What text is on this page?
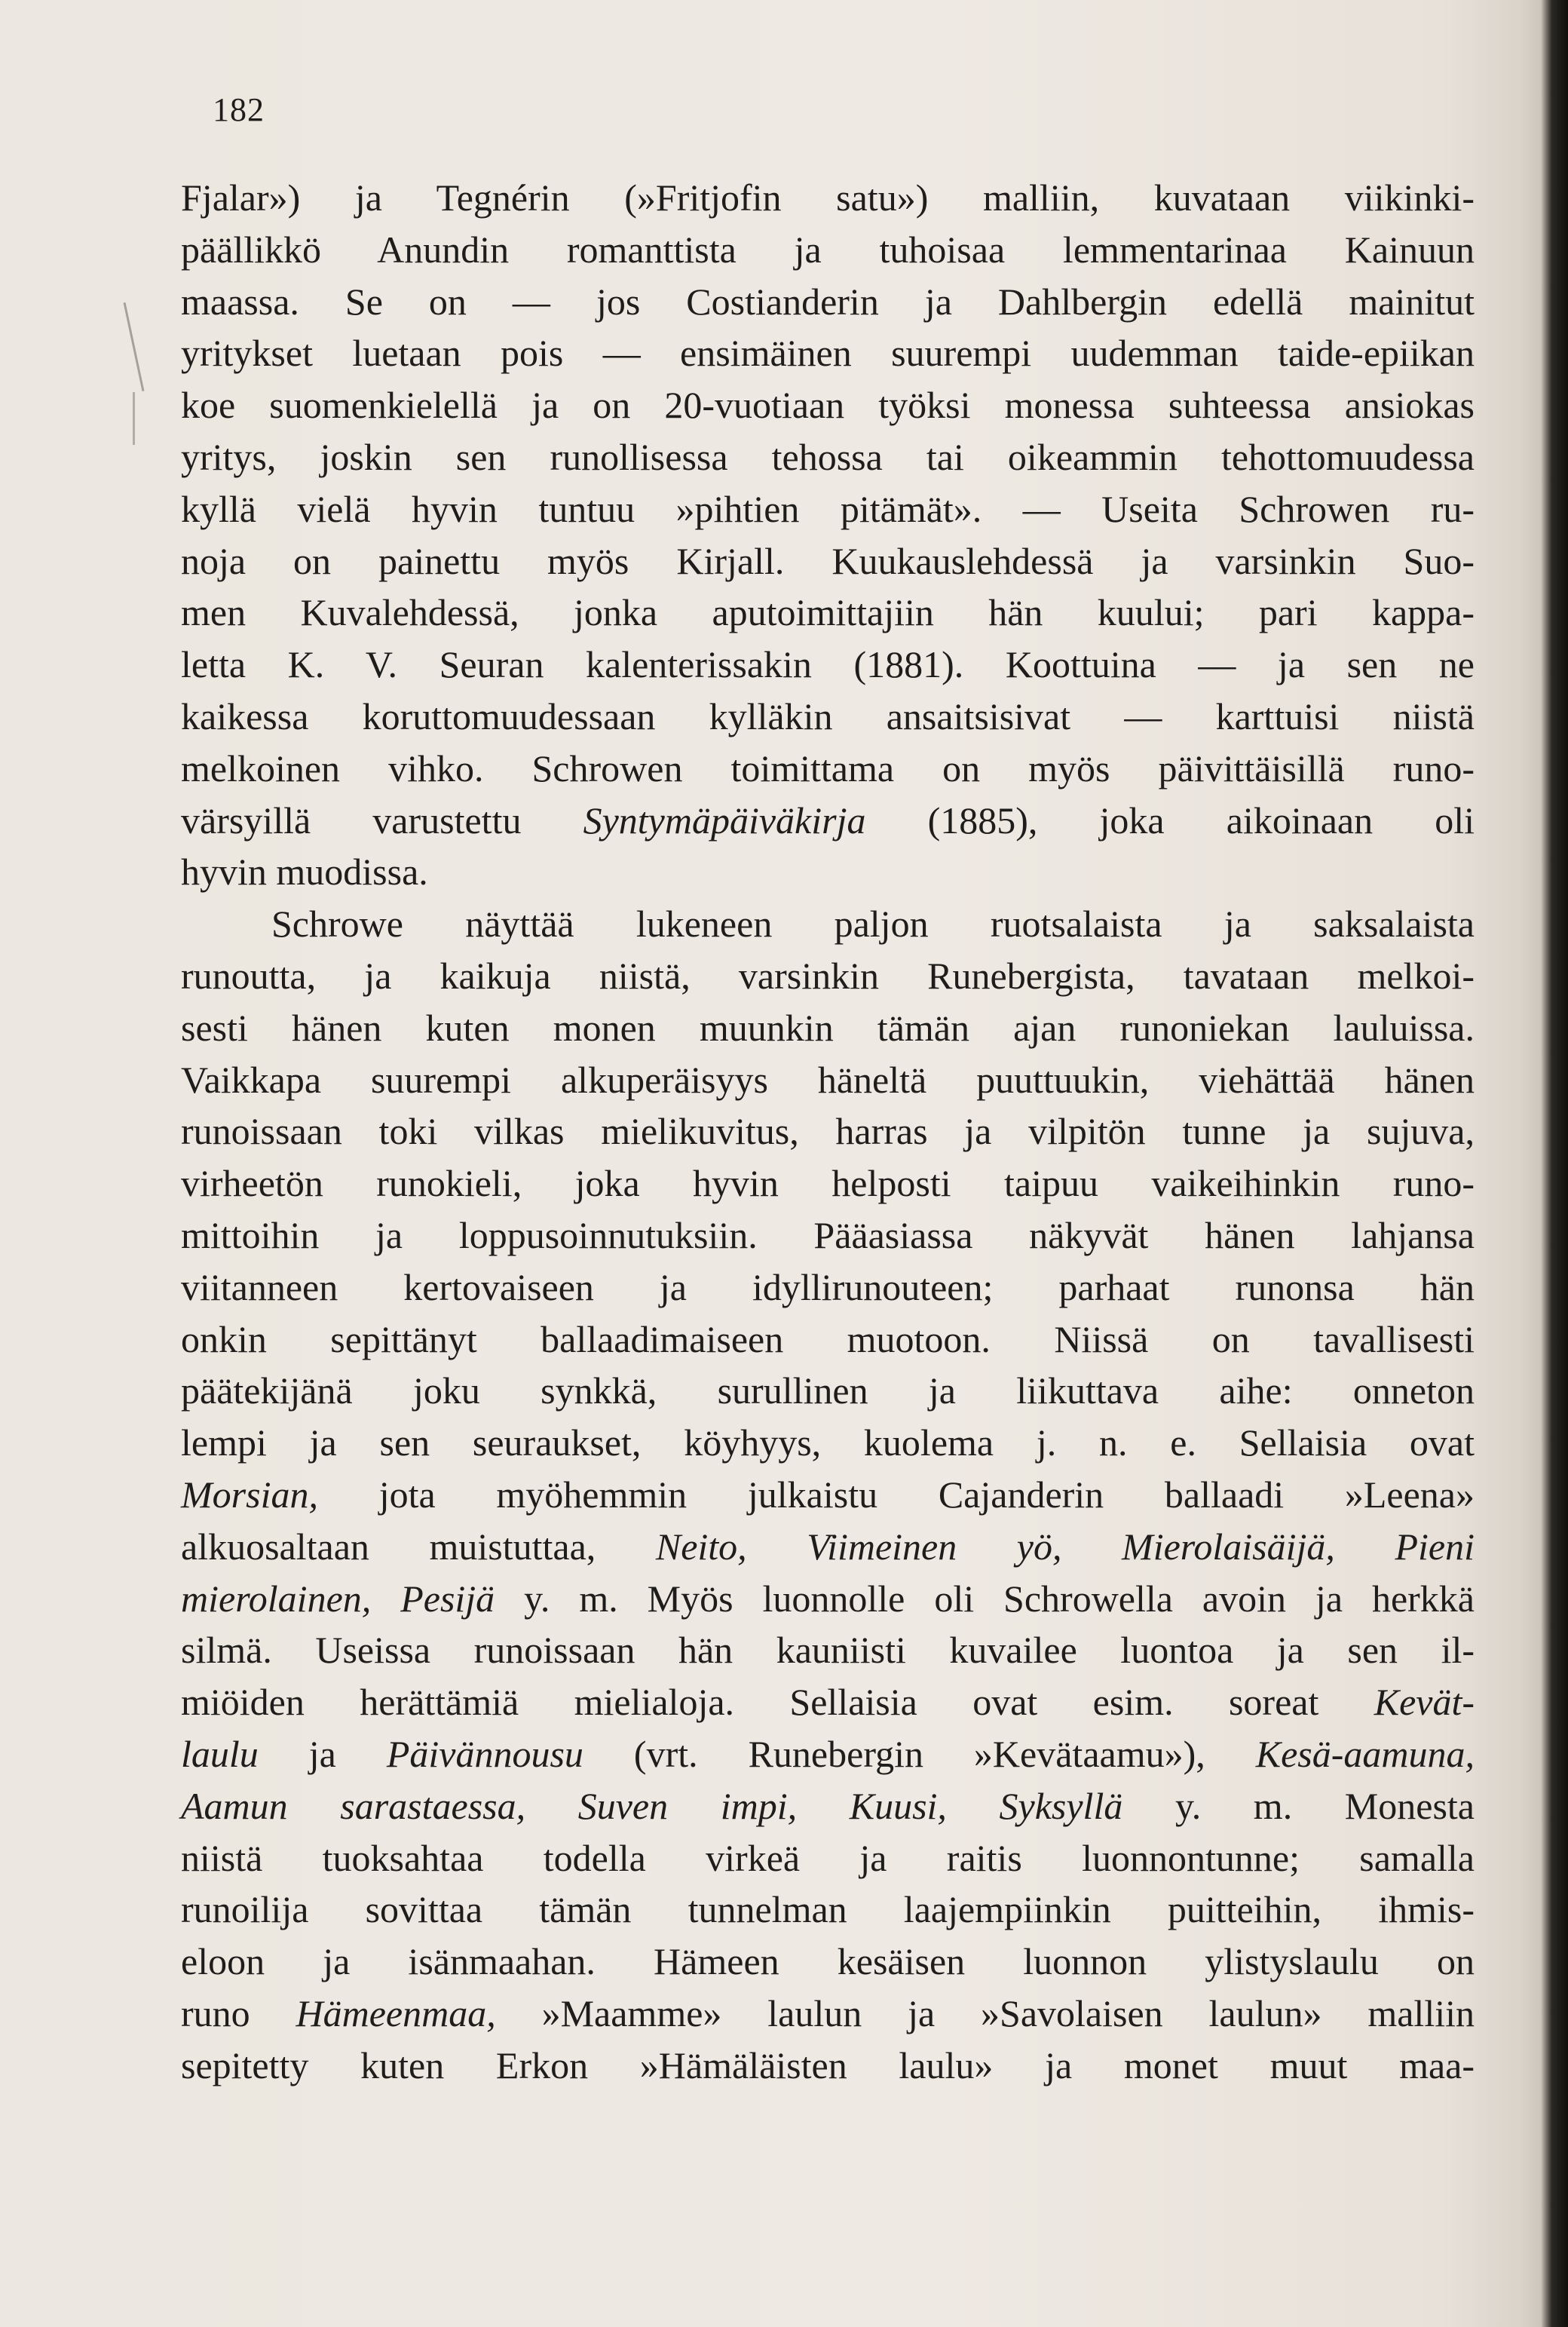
182
Fjalar») ja Tegnérin (»Fritjofin satu») malliin, kuvataan viikinki-
päällikkö Anundin romanttista ja tuhoisaa lemmentarinaa Kainuun
maassa. Se on — jos Costianderin ja Dahlbergin edellä mainitut
yritykset luetaan pois — ensimäinen suurempi uudemman taide-epiikan
koe suomenkielellä ja on 20-vuotiaan työksi monessa suhteessa ansiokas
yritys, joskin sen runollisessa tehossa tai oikeammin tehottomuudessa
kyllä vielä hyvin tuntuu »pihtien pitämät». — Useita Schrowen ru-
noja on painettu myös Kirjall. Kuukauslehdessä ja varsinkin Suo-
men Kuvalehdessä, jonka aputoimittajiin hän kuului; pari kappa-
letta K. V. Seuran kalenterissakin (1881). Koottuina — ja sen ne
kaikessa koruttomuudessaan kylläkin ansaitsisivat — karttuisi niistä
melkoinen vihko. Schrowen toimittama on myös päivittäisillä runo-
värsyillä varustettu Syntymäpäiväkirja (1885), joka aikoinaan oli
hyvin muodissa.
Schrowe näyttää lukeneen paljon ruotsalaista ja saksalaista
runoutta, ja kaikuja niistä, varsinkin Runebergista, tavataan melkoi-
sesti hänen kuten monen muunkin tämän ajan runoniekan lauluissa.
Vaikkapa suurempi alkuperäisyys häneltä puuttuukin, viehättää hänen
runoissaan toki vilkas mielikuvitus, harras ja vilpitön tunne ja sujuva,
virheetön runokieli, joka hyvin helposti taipuu vaikeihinkin runo-
mittoihin ja loppusoinnutuksiin. Pääasiassa näkyvät hänen lahjansa
viitanneen kertovaiseen ja idyllirunouteen; parhaat runonsa hän
onkin sepittänyt ballaadimaiseen muotoon. Niissä on tavallisesti
päätekijänä joku synkkä, surullinen ja liikuttava aihe: onneton
lempi ja sen seuraukset, köyhyys, kuolema j. n. e. Sellaisia ovat
Morsian, jota myöhemmin julkaistu Cajanderin ballaadi »Leena»
alkuosaltaan muistuttaa, Neito, Viimeinen yö, Mierolaisäijä, Pieni
mierolainen, Pesijä y. m. Myös luonnolle oli Schrowella avoin ja herkkä
silmä. Useissa runoissaan hän kauniisti kuvailee luontoa ja sen il-
miöiden herättämiä mielialoja. Sellaisia ovat esim. soreat Kevät-
laulu ja Päivännousu (vrt. Runebergin »Kevätaamu»), Kesä-aamuna,
Aamun sarastaessa, Suven impi, Kuusi, Syksyllä y. m. Monesta
niistä tuoksahtaa todella virkeä ja raitis luonnontunne; samalla
runoilija sovittaa tämän tunnelman laajempiinkin puitteihin, ihmis-
eloon ja isänmaahan. Hämeen kesäisen luonnon ylistyslaulu on
runo Hämeenmaa, »Maamme» laulun ja »Savolaisen laulun» malliin
sepitetty kuten Erkon »Hämäläisten laulu» ja monet muut maa-
